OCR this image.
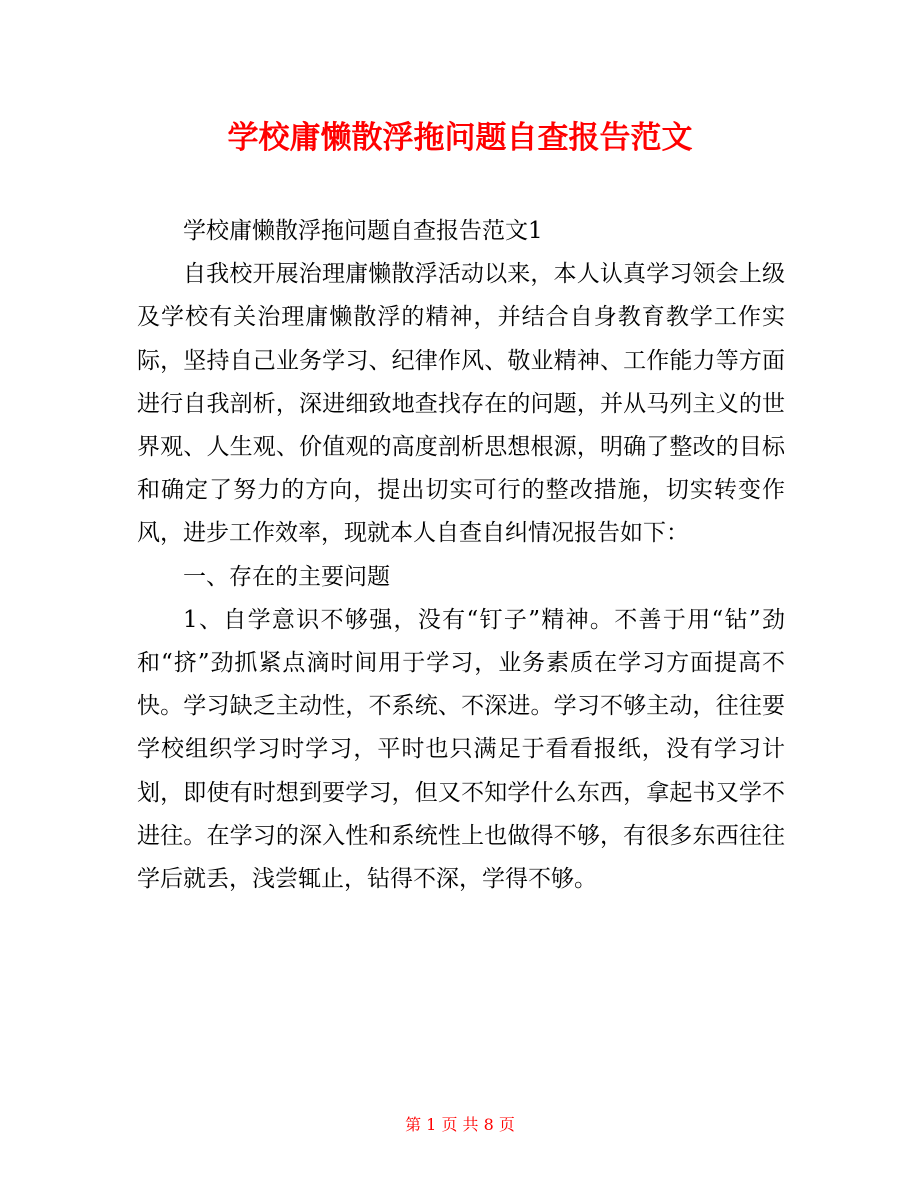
学校庸懒散浮拖问题自查报告范文

学校庸懒散浮拖问题自查报告范文1

自我校开展治理庸懒散浮活动以来，本人认真学习领会上级及学校有关治理庸懒散浮的精神，并结合自身教育教学工作实际，坚持自己业务学习、纪律作风、敬业精神、工作能力等方面进行自我剖析，深进细致地查找存在的问题，并从马列主义的世界观、人生观、价值观的高度剖析思想根源，明确了整改的目标和确定了努力的方向，提出切实可行的整改措施，切实转变作风，进步工作效率，现就本人自查自纠情况报告如下：

一、存在的主要问题

1、自学意识不够强，没有“钉子”精神。不善于用“钻”劲和“挤”劲抓紧点滴时间用于学习，业务素质在学习方面提高不快。学习缺乏主动性，不系统、不深进。学习不够主动，往往要学校组织学习时学习，平时也只满足于看看报纸，没有学习计划，即使有时想到要学习，但又不知学什么东西，拿起书又学不进往。在学习的深入性和系统性上也做得不够，有很多东西往往学后就丢，浅尝辄止，钻得不深，学得不够。

第 1 页 共 8 页
